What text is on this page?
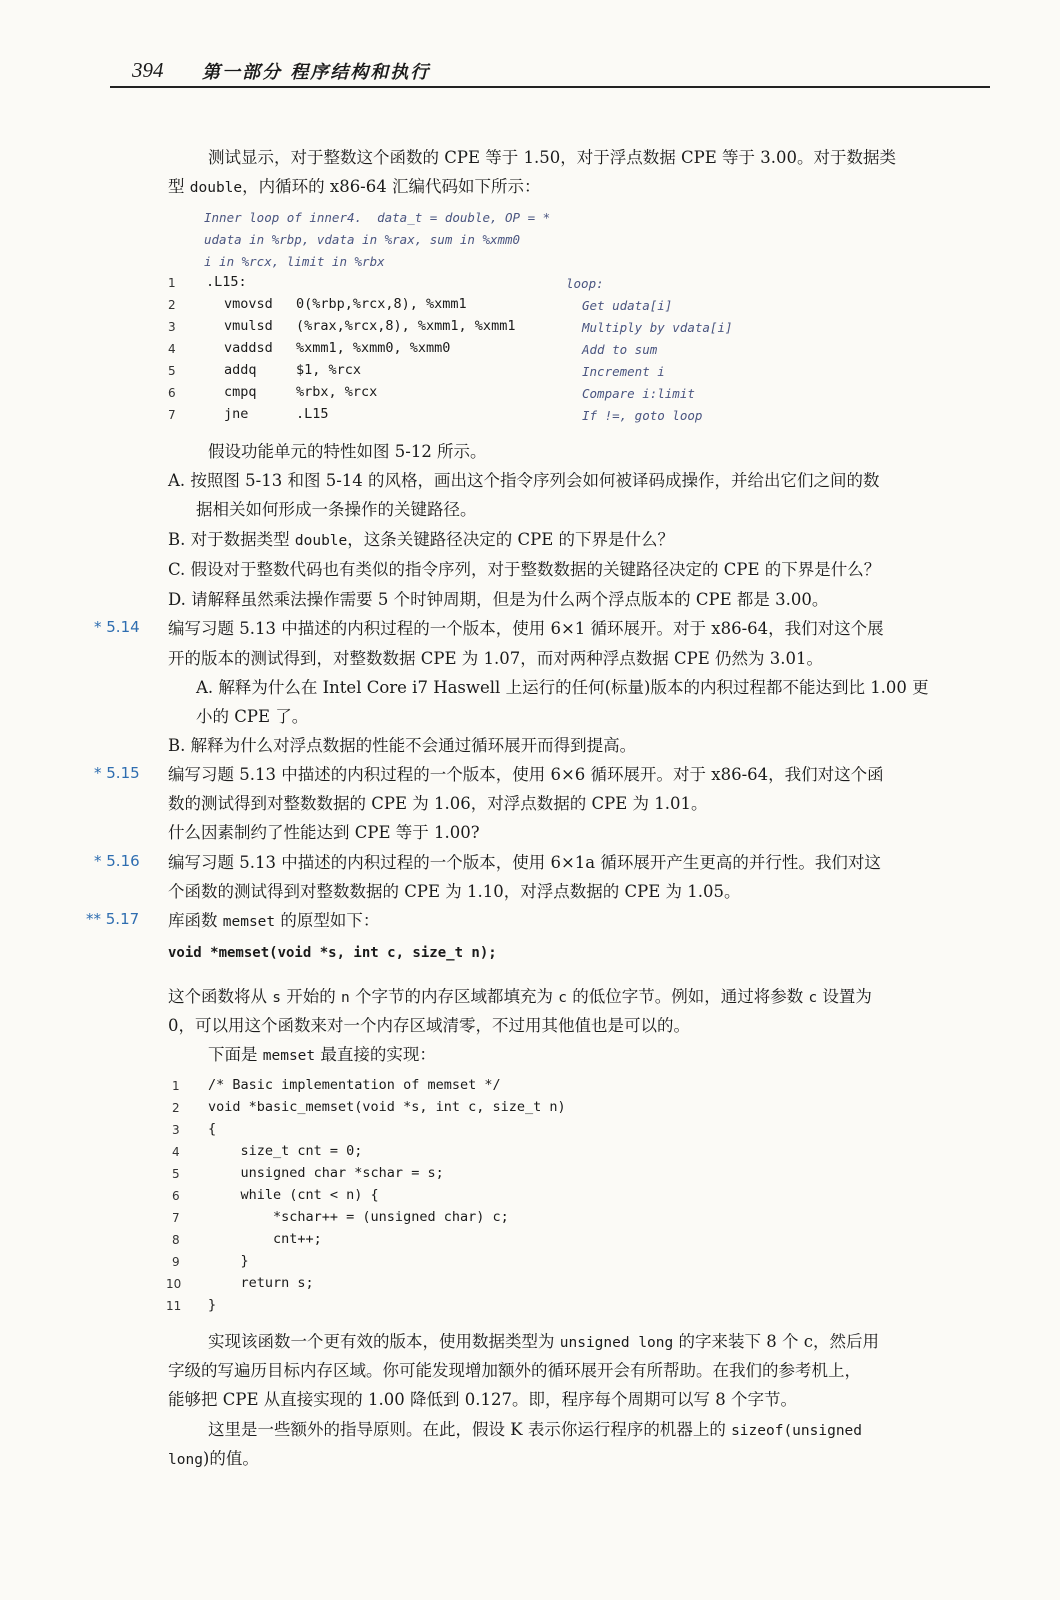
394 第一部分 程序结构和执行
测试显示，对于整数这个函数的 CPE 等于 1.50，对于浮点数据 CPE 等于 3.00。对于数据类
型 double，内循环的 x86-64 汇编代码如下所示：
Inner loop of inner4.  data_t = double, OP = *
udata in %rbp, vdata in %rax, sum in %xmm0
i in %rcx, limit in %rbx
1 .L15:	loop:
2	vmovsd 0(%rbp,%rcx,8), %xmm1	Get udata[i]
3	vmulsd (%rax,%rcx,8), %xmm1, %xmm1	Multiply by vdata[i]
4	vaddsd %xmm1, %xmm0, %xmm0	Add to sum
5	addq	$1, %rcx	Increment i
6	cmpq	%rbx, %rcx	Compare i:limit
7	jne	.L15	If !=, goto loop
假设功能单元的特性如图 5-12 所示。
A. 按照图 5-13 和图 5-14 的风格，画出这个指令序列会如何被译码成操作，并给出它们之间的数
据相关如何形成一条操作的关键路径。
B. 对于数据类型 double，这条关键路径决定的 CPE 的下界是什么？
C. 假设对于整数代码也有类似的指令序列，对于整数数据的关键路径决定的 CPE 的下界是什么？
D. 请解释虽然乘法操作需要 5 个时钟周期，但是为什么两个浮点版本的 CPE 都是 3.00。
* 5.14 编写习题 5.13 中描述的内积过程的一个版本，使用 6×1 循环展开。对于 x86-64，我们对这个展
开的版本的测试得到，对整数数据 CPE 为 1.07，而对两种浮点数据 CPE 仍然为 3.01。
A. 解释为什么在 Intel Core i7 Haswell 上运行的任何(标量)版本的内积过程都不能达到比 1.00 更
小的 CPE 了。
B. 解释为什么对浮点数据的性能不会通过循环展开而得到提高。
* 5.15 编写习题 5.13 中描述的内积过程的一个版本，使用 6×6 循环展开。对于 x86-64，我们对这个函
数的测试得到对整数数据的 CPE 为 1.06，对浮点数据的 CPE 为 1.01。
什么因素制约了性能达到 CPE 等于 1.00?
* 5.16 编写习题 5.13 中描述的内积过程的一个版本，使用 6×1a 循环展开产生更高的并行性。我们对这
个函数的测试得到对整数数据的 CPE 为 1.10，对浮点数据的 CPE 为 1.05。
** 5.17 库函数 memset 的原型如下：
void *memset(void *s, int c, size_t n);
这个函数将从 s 开始的 n 个字节的内存区域都填充为 c 的低位字节。例如，通过将参数 c 设置为
0，可以用这个函数来对一个内存区域清零，不过用其他值也是可以的。
下面是 memset 最直接的实现：
1 /* Basic implementation of memset */
2 void *basic_memset(void *s, int c, size_t n)
3 {
4 size_t cnt = 0;
5 unsigned char *schar = s;
6 while (cnt < n) {
7 *schar++ = (unsigned char) c;
8 cnt++;
9 }
10 return s;
11 }
实现该函数一个更有效的版本，使用数据类型为 unsigned long 的字来装下 8 个 c，然后用
字级的写遍历目标内存区域。你可能发现增加额外的循环展开会有所帮助。在我们的参考机上，
能够把 CPE 从直接实现的 1.00 降低到 0.127。即，程序每个周期可以写 8 个字节。
这里是一些额外的指导原则。在此，假设 K 表示你运行程序的机器上的 sizeof(unsigned
long)的值。
